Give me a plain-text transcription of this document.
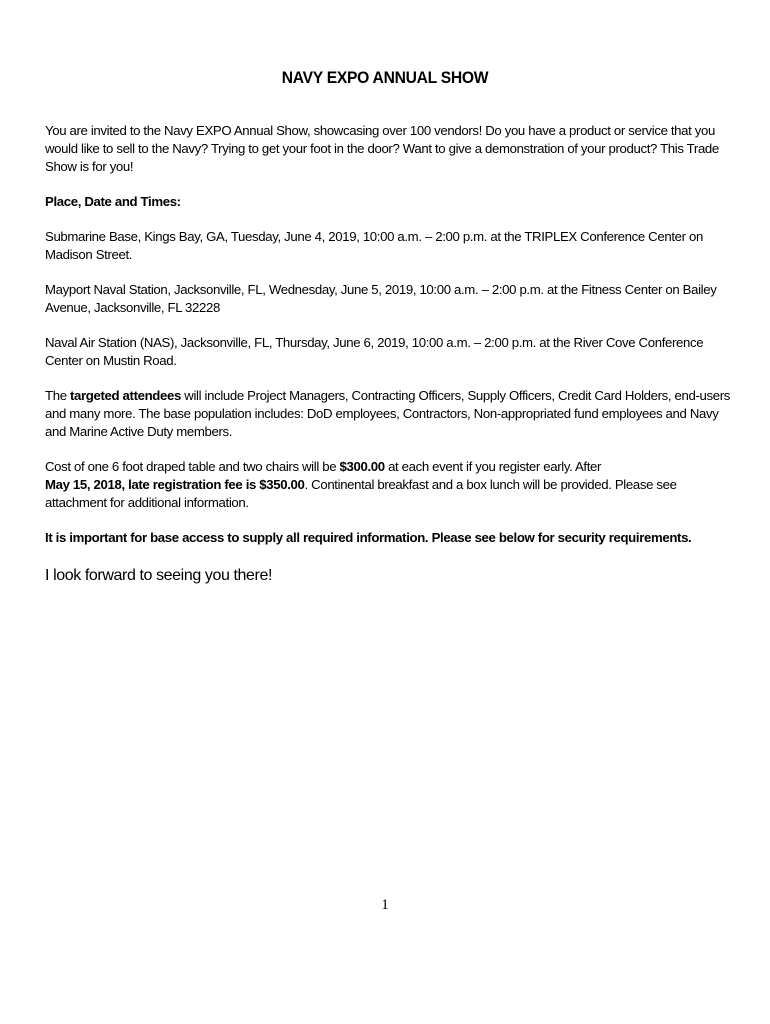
NAVY EXPO ANNUAL SHOW

You are invited to the Navy EXPO Annual Show, showcasing over 100 vendors! Do you have a product or service that you would like to sell to the Navy? Trying to get your foot in the door? Want to give a demonstration of your product? This Trade Show is for you!

Place, Date and Times:

Submarine Base, Kings Bay, GA, Tuesday, June 4, 2019, 10:00 a.m. – 2:00 p.m. at the TRIPLEX Conference Center on Madison Street.

Mayport Naval Station, Jacksonville, FL, Wednesday, June 5, 2019, 10:00 a.m. – 2:00 p.m. at the Fitness Center on Bailey Avenue, Jacksonville, FL 32228

Naval Air Station (NAS), Jacksonville, FL, Thursday, June 6, 2019, 10:00 a.m. – 2:00 p.m. at the River Cove Conference Center on Mustin Road.

The targeted attendees will include Project Managers, Contracting Officers, Supply Officers, Credit Card Holders, end-users and many more. The base population includes: DoD employees, Contractors, Non-appropriated fund employees and Navy and Marine Active Duty members.

Cost of one 6 foot draped table and two chairs will be $300.00 at each event if you register early. After
May 15, 2018, late registration fee is $350.00. Continental breakfast and a box lunch will be provided. Please see attachment for additional information.

It is important for base access to supply all required information. Please see below for security requirements.

I look forward to seeing you there!

1
